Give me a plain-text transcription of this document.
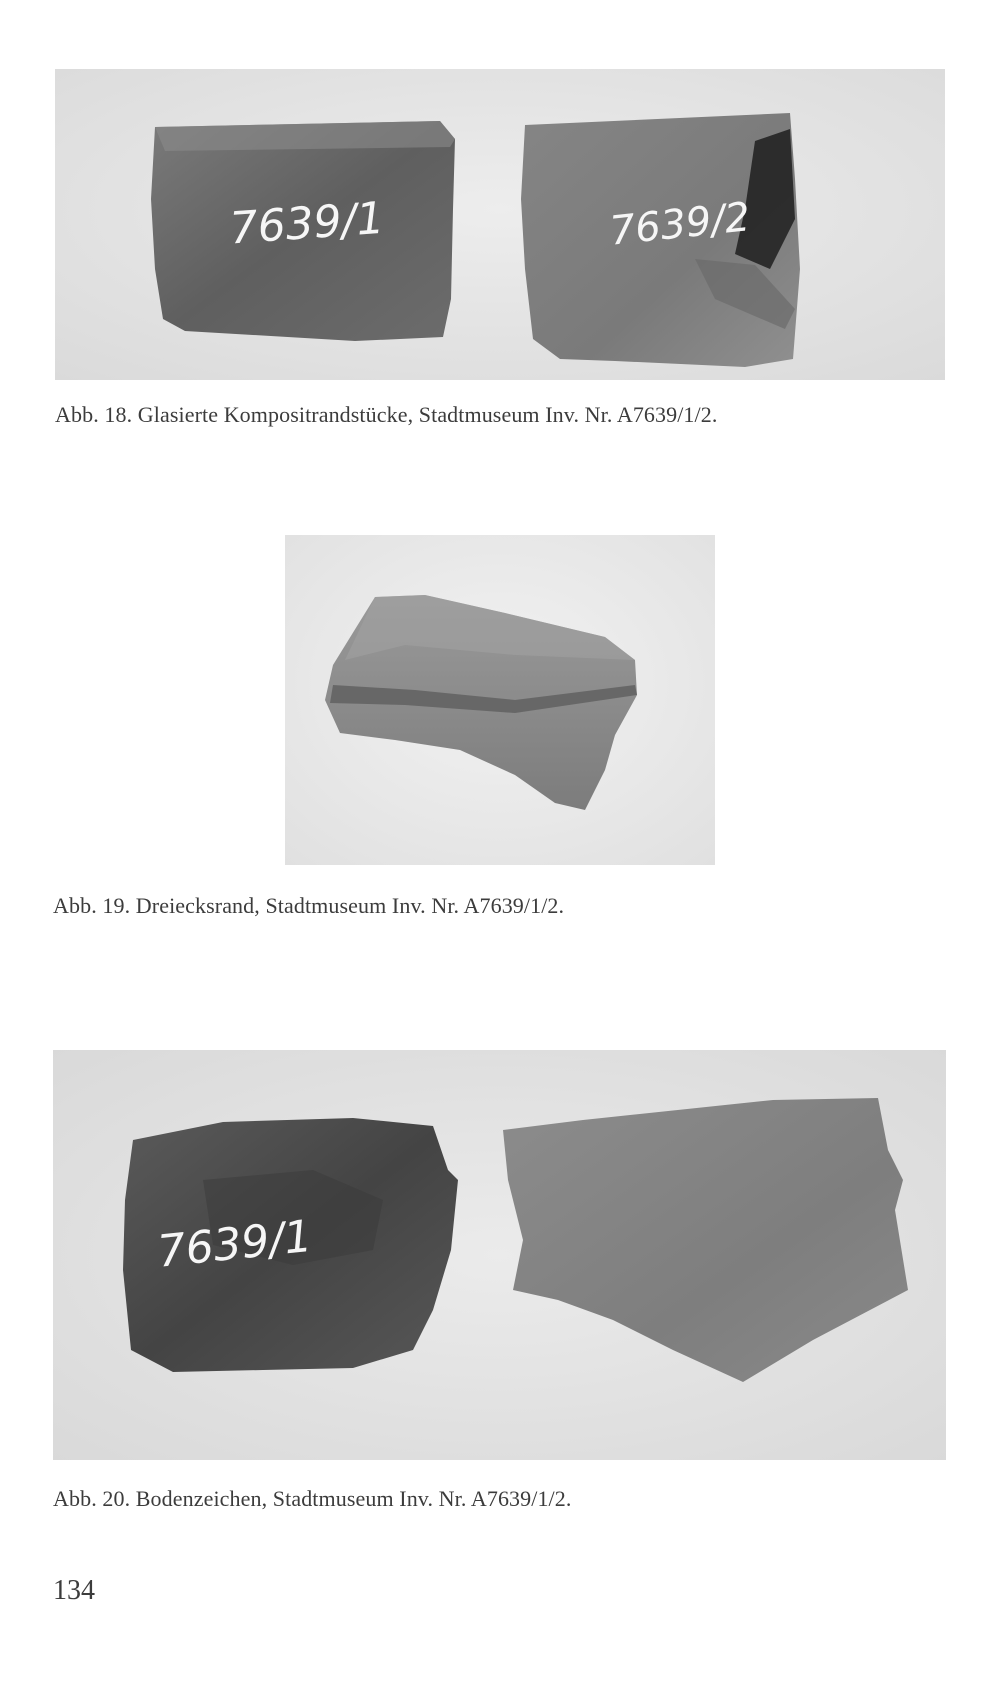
7639/1	7639/2
Abb. 18. Glasierte Kompositrandstücke, Stadtmuseum Inv. Nr. A7639/1/2.
Abb. 19. Dreiecksrand, Stadtmuseum Inv. Nr. A7639/1/2.
7639/1
Abb. 20. Bodenzeichen, Stadtmuseum Inv. Nr. A7639/1/2.
134
